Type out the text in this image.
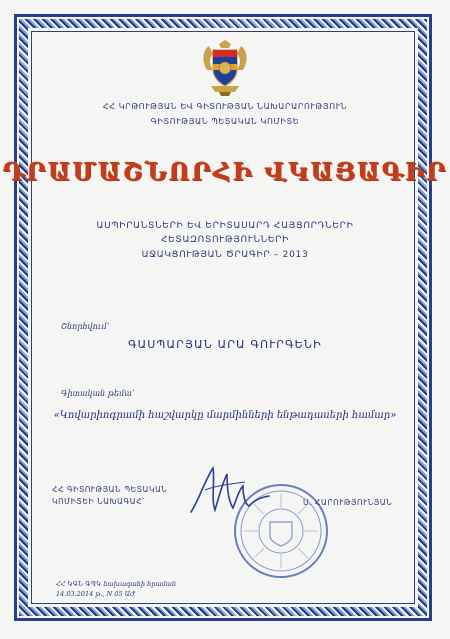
ՀՀ ԿՐԹՈՒԹՅԱՆ ԵՎ ԳԻՏՈՒԹՅԱՆ ՆԱԽԱՐԱՐՈՒԹՅՈՒՆ
ԳԻՏՈՒԹՅԱՆ ՊԵՏԱԿԱՆ ԿՈՄԻՏԵ
ԴՐԱՄԱՇՆՈՐՀԻ ՎԿԱՅԱԳԻՐ
ԱՍՊԻՐԱՆՏՆԵՐԻ ԵՎ ԵՐԻՏԱՍԱՐԴ ՀԱՅՑՈՐԴՆԵՐԻ
ՀԵՏԱԶՈՏՈՒԹՅՈՒՆՆԵՐԻ
ԱՋԱԿՑՈՒԹՅԱՆ ԾՐԱԳԻՐ – 2013
Շնորհվում՝
ԳԱՍՊԱՐՅԱՆ ԱՐԱ ԳՈՒՐԳԵՆԻ
Գիտական թեմա՝
«Կովարիոգրամի հաշվարկը մարմինների ենթադասերի համար»
ՀՀ ԳԻՏՈՒԹՅԱՆ ՊԵՏԱԿԱՆ
ԿՈՄԻՏԵԻ ՆԱԽԱԳԱՀ՝	Ս. ՀԱՐՈՒԹՅՈՒՆՅԱՆ
ՀՀ ԿԳՆ ԳՊԿ նախագահի հրաման
14.03.2014 թ., N 05 ԱԺ
